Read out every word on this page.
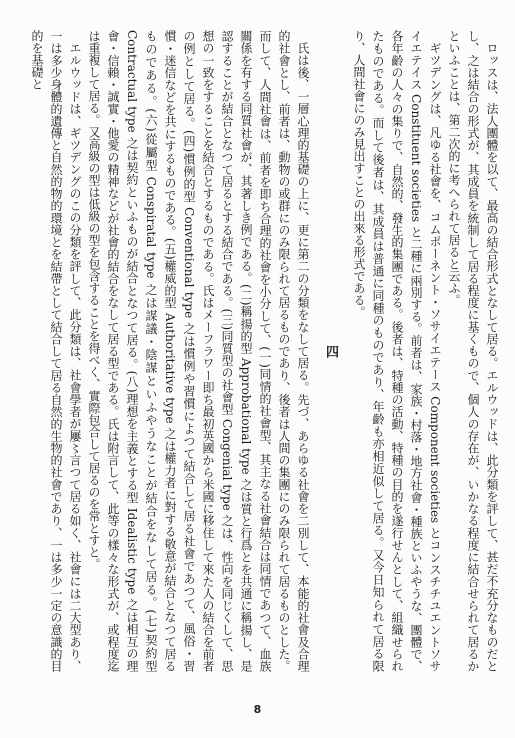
ロッスは、法人團體を以て、最高の結合形式となして居る。エルウッドは、此分類を評して、甚だ不充分なものだとし、之は結合の形式が、其成員を統制して居る程度に基くもので、個人の存在が、いかなる程度に結合せられて居るかといふことは、第二次的に考へられて居ると云ふ。

ギツデングは、凡ゆる社會を、コムポーネント・ソサイエテース Component societies とコンスチチユエントソサイエテイス Constituent societies と二種に兩別する。前者は、家族・村落・地方社會・種族といふやうな、團體で、各年齡の人々の集りで、自然的、發生的集團である。後者は、特種の活動、特種の目的を遂行せんとして、組織せられたものである。而して後者は、其成員は普通に同種のものであり、年齡も亦相近似して居る。又今日知られて居る限り、人間社會にのみ見出すことの出來る形式である。

四

氏は後、一層心理的基礎の上に、更に第二の分類をなして居る。先づ、あらゆる社會を二別して、本能的社會及合理的社會とし、前者は、動物の或群にのみ限られて居るものであり、後者は人間の集團にのみ限られて居るものとした。而して、人間社會は、前者を即ち合理的社會を小分して、(一)同情的社會型、其主なる社會結合は同情であつて、血族關係を有する同質社會が、其著しき例である。(二)稱揚的型 Approbational type 之は質と行爲とを共通に稱揚し、是認することが結合となつて居るとする結合である。(三)同質型の社會型 Congenial type 之は、性向を同じくして、思想の一致をすることを結合とするものである。氏はメーフラワー即ち最初英國から米國に移住して來た人の結合を前者の例として居る。(四)慣例的型 Conventional type 之は慣例や習慣によつて結合して居る社會であつて、風俗・習慣・迷信などを共にするものである。(五)權威的型 Authoritative type 之は權力者に對する敬意が結合となつて居るものである。(六)從屬型 Conspiratal type 之は謀議・陰謀といふやうなことが結合をなして居る。(七)契約型 Contractual type 之は契約といふものが結合となつて居る。(八)理想を主義とする型 Idealistic type 之は相互の理會・信賴・誠實・他愛の精神などが社會的結合をなして居る型である。氏は附言して、此等の樣々な形式が、或程度迄は重複して居る。又高級の型は低級の型を包含することを得べく、實際包合して居るのを常とすと。

エルウッドは、ギツデングのこの分類を評して、此分類は、社會學者が屢〻言つて居る如く、社會には二大型あり、一は多少身體的遺傳と自然的物的環境とを結帶として結合して居る自然的生物的社會であり、一は多少一定の意識的目的を基礎と

8
